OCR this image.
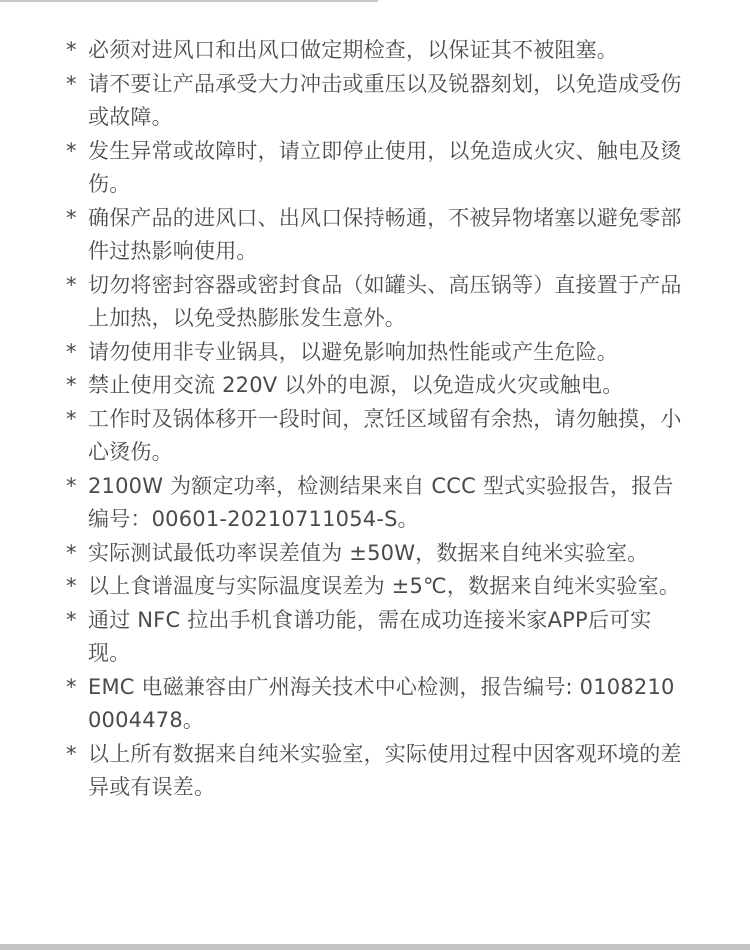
* 必须对进风口和出风口做定期检查，以保证其不被阻塞。
* 请不要让产品承受大力冲击或重压以及锐器刻划，以免造成受伤或故障。
* 发生异常或故障时，请立即停止使用，以免造成火灾、触电及烫伤。
* 确保产品的进风口、出风口保持畅通，不被异物堵塞以避免零部件过热影响使用。
* 切勿将密封容器或密封食品（如罐头、高压锅等）直接置于产品上加热，以免受热膨胀发生意外。
* 请勿使用非专业锅具，以避免影响加热性能或产生危险。
* 禁止使用交流 220V 以外的电源，以免造成火灾或触电。
* 工作时及锅体移开一段时间，烹饪区域留有余热，请勿触摸，小心烫伤。
* 2100W 为额定功率，检测结果来自 CCC 型式实验报告，报告编号：00601-20210711054-S。
* 实际测试最低功率误差值为 ±50W，数据来自纯米实验室。
* 以上食谱温度与实际温度误差为 ±5℃，数据来自纯米实验室。
* 通过 NFC 拉出手机食谱功能，需在成功连接米家APP后可实现。
* EMC 电磁兼容由广州海关技术中心检测，报告编号: 01082100004478。
* 以上所有数据来自纯米实验室，实际使用过程中因客观环境的差异或有误差。
